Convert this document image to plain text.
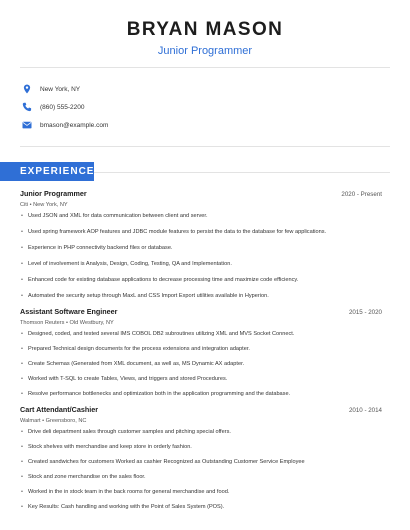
BRYAN MASON
Junior Programmer
New York, NY
(860) 555-2200
bmason@example.com
EXPERIENCE
Junior Programmer	2020 - Present
Citi • New York, NY
• Used JSON and XML for data communication between client and server.
• Used spring framework AOP features and JDBC module features to persist the data to the database for few applications.
• Experience in PHP connectivity backend files or database.
• Level of involvement is Analysis, Design, Coding, Testing, QA and Implementation.
• Enhanced code for existing database applications to decrease processing time and maximize code efficiency.
• Automated the security setup through MaxL and CSS Import Export utilities available in Hyperion.
Assistant Software Engineer	2015 - 2020
Thomson Reuters • Old Westbury, NY
• Designed, coded, and tested several IMS COBOL DB2 subroutines utilizing XML and MVS Socket Connect.
• Prepared Technical design documents for the process extensions and integration adapter.
• Create Schemas (Generated from XML document, as well as, MS Dynamic AX adapter.
• Worked with T-SQL to create Tables, Views, and triggers and stored Procedures.
• Resolve performance bottlenecks and optimization both in the application programming and the database.
Cart Attendant/Cashier	2010 - 2014
Walmart • Greensboro, NC
• Drive deli department sales through customer samples and pitching special offers.
• Stock shelves with merchandise and keep store in orderly fashion.
• Created sandwiches for customers Worked as cashier Recognized as Outstanding Customer Service Employee
• Stock and zone merchandise on the sales floor.
• Worked in the in stock team in the back rooms for general merchandise and food.
• Key Results: Cash handling and working with the Point of Sales System (POS).
